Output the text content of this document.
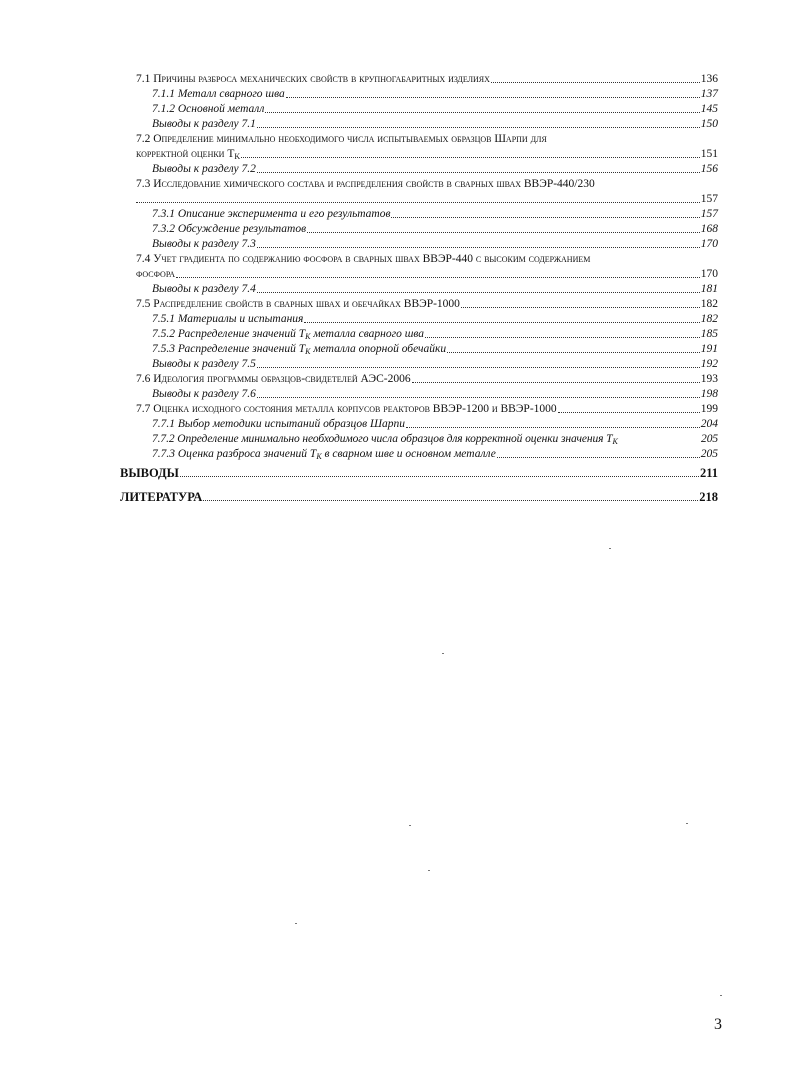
7.1 Причины разброса механических свойств в крупногабаритных изделиях	136
7.1.1 Металл сварного шва	137
7.1.2 Основной металл	145
Выводы к разделу 7.1	150
7.2 Определение минимально необходимого числа испытываемых образцов Шарпи для
корректной оценки $T_K$	151
Выводы к разделу 7.2	156
7.3 Исследование химического состава и распределения свойств в сварных швах ВВЭР-440/230
157
7.3.1 Описание эксперимента и его результатов	157
7.3.2 Обсуждение результатов	168
Выводы к разделу 7.3	170
7.4 Учет градиента по содержанию фосфора в сварных швах ВВЭР-440 с высоким содержанием
фосфора	170
Выводы к разделу 7.4	181
7.5 Распределение свойств в сварных швах и обечайках ВВЭР-1000	182
7.5.1 Материалы и испытания	182
7.5.2 Распределение значений $T_K$ металла сварного шва	185
7.5.3 Распределение значений $T_K$ металла опорной обечайки	191
Выводы к разделу 7.5	192
7.6 Идеология программы образцов-свидетелей АЭС-2006	193
Выводы к разделу 7.6	198
7.7 Оценка исходного состояния металла корпусов реакторов ВВЭР-1200 и ВВЭР-1000	199
7.7.1 Выбор методики испытаний образцов Шарпи	204
7.7.2 Определение минимально необходимого числа образцов для корректной оценки значения $T_K$	205
7.7.3 Оценка разброса значений $T_K$ в сварном шве и основном металле	205
ВЫВОДЫ	211
ЛИТЕРАТУРА	218
3
